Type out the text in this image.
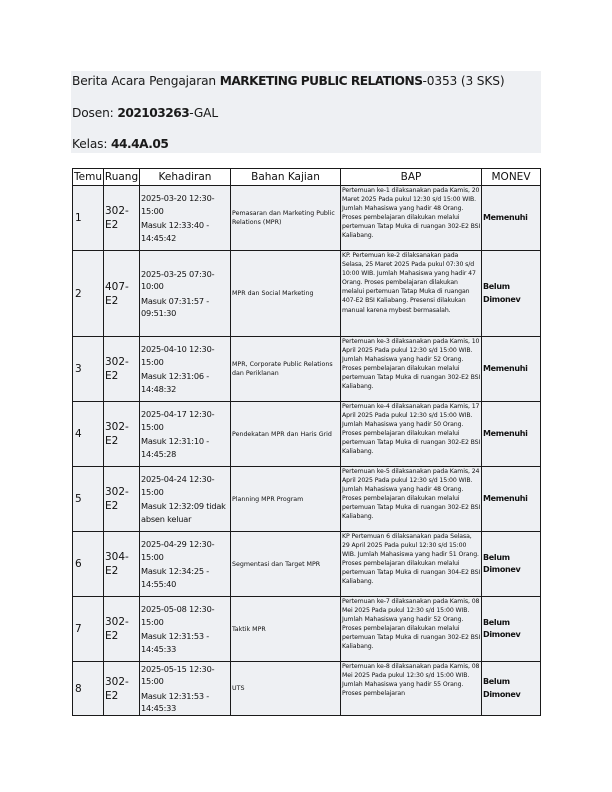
Berita Acara Pengajaran MARKETING PUBLIC RELATIONS-0353 (3 SKS)
Dosen: 202103263-GAL
Kelas: 44.4A.05
Temu	Ruang	Kehadiran	Bahan Kajian	BAP	MONEV
1	302-E2	2025-03-20 12:30-15:00
Masuk 12:33:40 - 14:45:42	Pemasaran dan Marketing Public Relations (MPR)	Pertemuan ke-1 dilaksanakan pada Kamis, 20 Maret 2025 Pada pukul 12:30 s/d 15:00 WIB. Jumlah Mahasiswa yang hadir 48 Orang. Proses pembelajaran dilakukan melalui pertemuan Tatap Muka di ruangan 302-E2 BSI Kaliabang.	Memenuhi
2	407-E2	2025-03-25 07:30-10:00
Masuk 07:31:57 - 09:51:30	MPR dan Social Marketing	KP. Pertemuan ke-2 dilaksanakan pada Selasa, 25 Maret 2025 Pada pukul 07:30 s/d 10:00 WIB. Jumlah Mahasiswa yang hadir 47 Orang. Proses pembelajaran dilakukan melalui pertemuan Tatap Muka di ruangan 407-E2 BSI Kaliabang. Presensi dilakukan manual karena mybest bermasalah.	Belum Dimonev
3	302-E2	2025-04-10 12:30-15:00
Masuk 12:31:06 - 14:48:32	MPR, Corporate Public Relations dan Periklanan	Pertemuan ke-3 dilaksanakan pada Kamis, 10 April 2025 Pada pukul 12:30 s/d 15:00 WIB. Jumlah Mahasiswa yang hadir 52 Orang. Proses pembelajaran dilakukan melalui pertemuan Tatap Muka di ruangan 302-E2 BSI Kaliabang.	Memenuhi
4	302-E2	2025-04-17 12:30-15:00
Masuk 12:31:10 - 14:45:28	Pendekatan MPR dan Haris Grid	Pertemuan ke-4 dilaksanakan pada Kamis, 17 April 2025 Pada pukul 12:30 s/d 15:00 WIB. Jumlah Mahasiswa yang hadir 50 Orang. Proses pembelajaran dilakukan melalui pertemuan Tatap Muka di ruangan 302-E2 BSI Kaliabang.	Memenuhi
5	302-E2	2025-04-24 12:30-15:00
Masuk 12:32:09 tidak absen keluar	Planning MPR Program	Pertemuan ke-5 dilaksanakan pada Kamis, 24 April 2025 Pada pukul 12:30 s/d 15:00 WIB. Jumlah Mahasiswa yang hadir 48 Orang. Proses pembelajaran dilakukan melalui pertemuan Tatap Muka di ruangan 302-E2 BSI Kaliabang.	Memenuhi
6	304-E2	2025-04-29 12:30-15:00
Masuk 12:34:25 - 14:55:40	Segmentasi dan Target MPR	KP Pertemuan 6 dilaksanakan pada Selasa, 29 April 2025 Pada pukul 12:30 s/d 15:00 WIB. Jumlah Mahasiswa yang hadir 51 Orang. Proses pembelajaran dilakukan melalui pertemuan Tatap Muka di ruangan 304-E2 BSI Kaliabang.	Belum Dimonev
7	302-E2	2025-05-08 12:30-15:00
Masuk 12:31:53 - 14:45:33	Taktik MPR	Pertemuan ke-7 dilaksanakan pada Kamis, 08 Mei 2025 Pada pukul 12:30 s/d 15:00 WIB. Jumlah Mahasiswa yang hadir 52 Orang. Proses pembelajaran dilakukan melalui pertemuan Tatap Muka di ruangan 302-E2 BSI Kaliabang.	Belum Dimonev
8	302-E2	2025-05-15 12:30-15:00
Masuk 12:31:53 - 14:45:33	UTS	Pertemuan ke-8 dilaksanakan pada Kamis, 08 Mei 2025 Pada pukul 12:30 s/d 15:00 WIB. Jumlah Mahasiswa yang hadir 55 Orang. Proses pembelajaran	Belum Dimonev
